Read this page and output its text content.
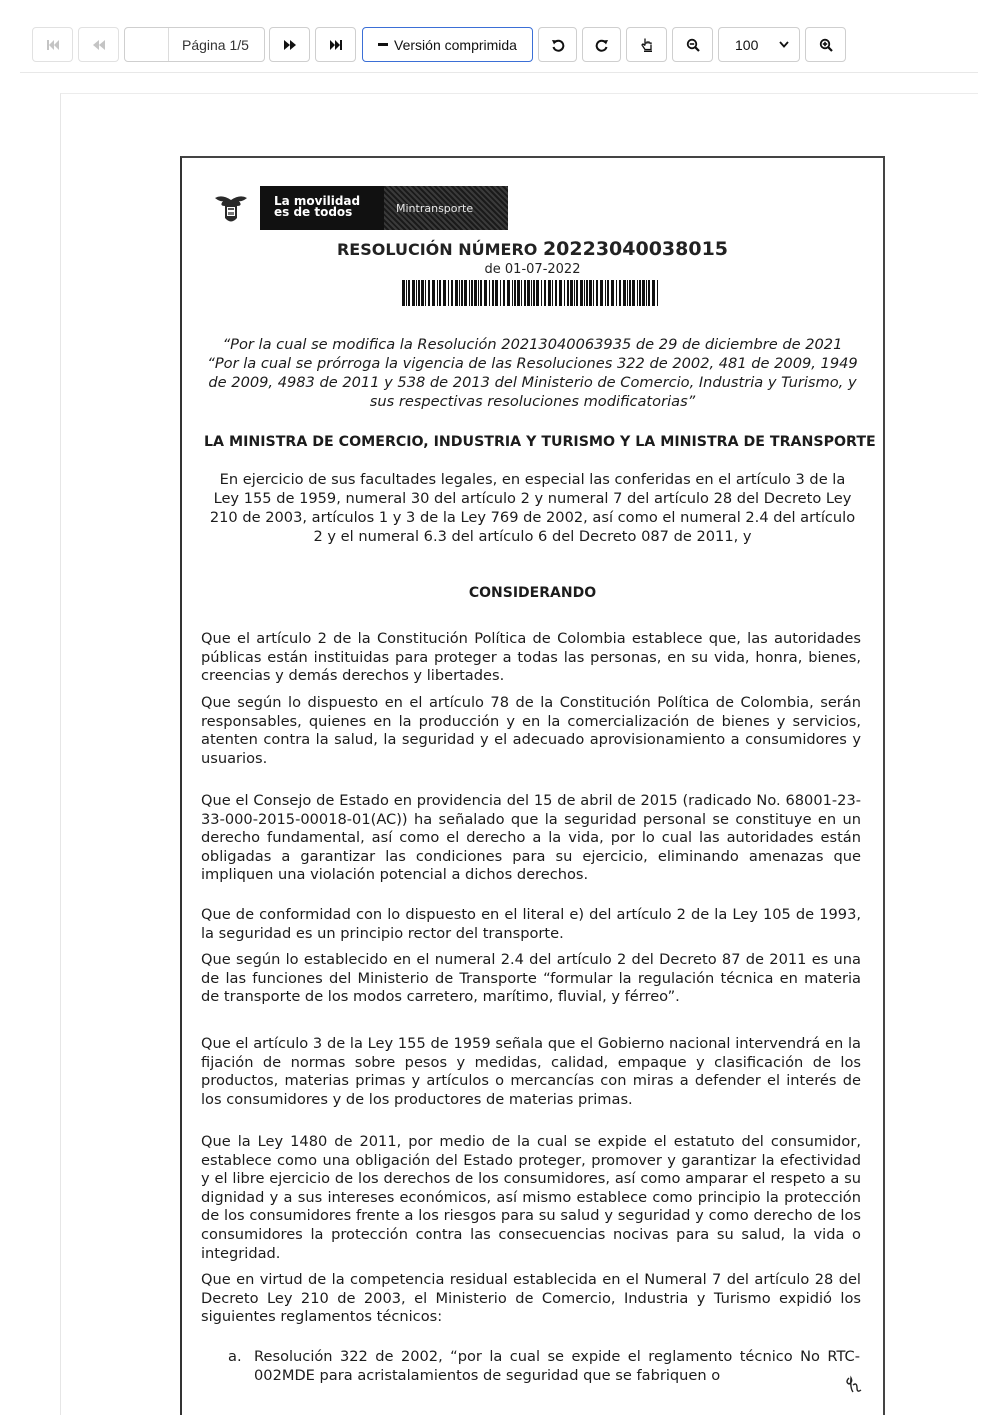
Página 1/5	Versión comprimida	100
La movilidad
es de todos	Mintransporte
RESOLUCIÓN NÚMERO 20223040038015
de 01-07-2022
“Por la cual se modifica la Resolución 20213040063935 de 29 de diciembre de 2021 “Por la cual se prórroga la vigencia de las Resoluciones 322 de 2002, 481 de 2009, 1949 de 2009, 4983 de 2011 y 538 de 2013 del Ministerio de Comercio, Industria y Turismo, y sus respectivas resoluciones modificatorias”
LA MINISTRA DE COMERCIO, INDUSTRIA Y TURISMO Y LA MINISTRA DE TRANSPORTE
En ejercicio de sus facultades legales, en especial las conferidas en el artículo 3 de la Ley 155 de 1959, numeral 30 del artículo 2 y numeral 7 del artículo 28 del Decreto Ley 210 de 2003, artículos 1 y 3 de la Ley 769 de 2002, así como el numeral 2.4 del artículo 2 y el numeral 6.3 del artículo 6 del Decreto 087 de 2011, y
CONSIDERANDO
Que el artículo 2 de la Constitución Política de Colombia establece que, las autoridades públicas están instituidas para proteger a todas las personas, en su vida, honra, bienes, creencias y demás derechos y libertades.
Que según lo dispuesto en el artículo 78 de la Constitución Política de Colombia, serán responsables, quienes en la producción y en la comercialización de bienes y servicios, atenten contra la salud, la seguridad y el adecuado aprovisionamiento a consumidores y usuarios.
Que el Consejo de Estado en providencia del 15 de abril de 2015 (radicado No. 68001-23-33-000-2015-00018-01(AC)) ha señalado que la seguridad personal se constituye en un derecho fundamental, así como el derecho a la vida, por lo cual las autoridades están obligadas a garantizar las condiciones para su ejercicio, eliminando amenazas que impliquen una violación potencial a dichos derechos.
Que de conformidad con lo dispuesto en el literal e) del artículo 2 de la Ley 105 de 1993, la seguridad es un principio rector del transporte.
Que según lo establecido en el numeral 2.4 del artículo 2 del Decreto 87 de 2011 es una de las funciones del Ministerio de Transporte “formular la regulación técnica en materia de transporte de los modos carretero, marítimo, fluvial, y férreo”.
Que el artículo 3 de la Ley 155 de 1959 señala que el Gobierno nacional intervendrá en la fijación de normas sobre pesos y medidas, calidad, empaque y clasificación de los productos, materias primas y artículos o mercancías con miras a defender el interés de los consumidores y de los productores de materias primas.
Que la Ley 1480 de 2011, por medio de la cual se expide el estatuto del consumidor, establece como una obligación del Estado proteger, promover y garantizar la efectividad y el libre ejercicio de los derechos de los consumidores, así como amparar el respeto a su dignidad y a sus intereses económicos, así mismo establece como principio la protección de los consumidores frente a los riesgos para su salud y seguridad y como derecho de los consumidores la protección contra las consecuencias nocivas para su salud, la vida o integridad.
Que en virtud de la competencia residual establecida en el Numeral 7 del artículo 28 del Decreto Ley 210 de 2003, el Ministerio de Comercio, Industria y Turismo expidió los siguientes reglamentos técnicos:
a. Resolución 322 de 2002, “por la cual se expide el reglamento técnico No RTC-002MDE para acristalamientos de seguridad que se fabriquen o
